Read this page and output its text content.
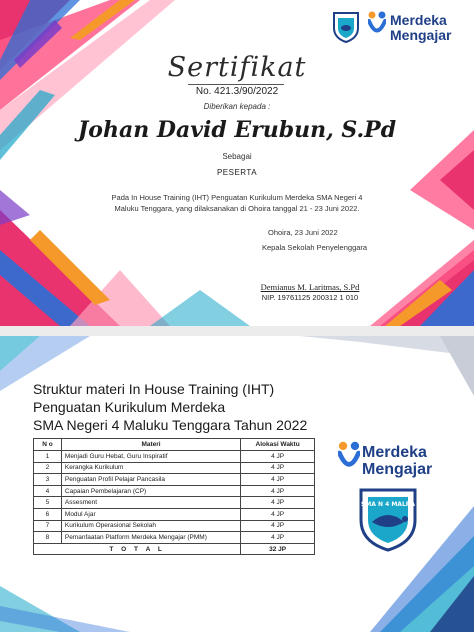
Merdeka
Mengajar
Sertifikat
No. 421.3/90/2022
Diberikan kepada :
Johan David Erubun, S.Pd
Sebagai
PESERTA
Pada In House Training (IHT) Penguatan Kurikulum Merdeka SMA Negeri 4 Maluku Tenggara, yang dilaksanakan di Ohoira tanggal 21 - 23 Juni 2022.
Ohoira, 23 Juni 2022
Kepala Sekolah Penyelenggara
Demianus M. Laritmas, S.Pd
NIP. 19761125 200312 1 010
Struktur materi In House Training (IHT)
Penguatan Kurikulum Merdeka
SMA Negeri 4 Maluku Tenggara Tahun 2022
N o	Materi	Alokasi Waktu
1	Menjadi Guru Hebat, Guru Inspiratif	4 JP
2	Kerangka Kurikulum	4 JP
3	Penguatan Profil Pelajar Pancasila	4 JP
4	Capaian Pembelajaran (CP)	4 JP
5	Assesment	4 JP
6	Modul Ajar	4 JP
7	Kurikulum Operasional Sekolah	4 JP
8	Pemanfaatan Platform Merdeka Mengajar (PMM)	4 JP
T O T A L		32 JP
Merdeka
Mengajar
SMA N 4 MALRA
